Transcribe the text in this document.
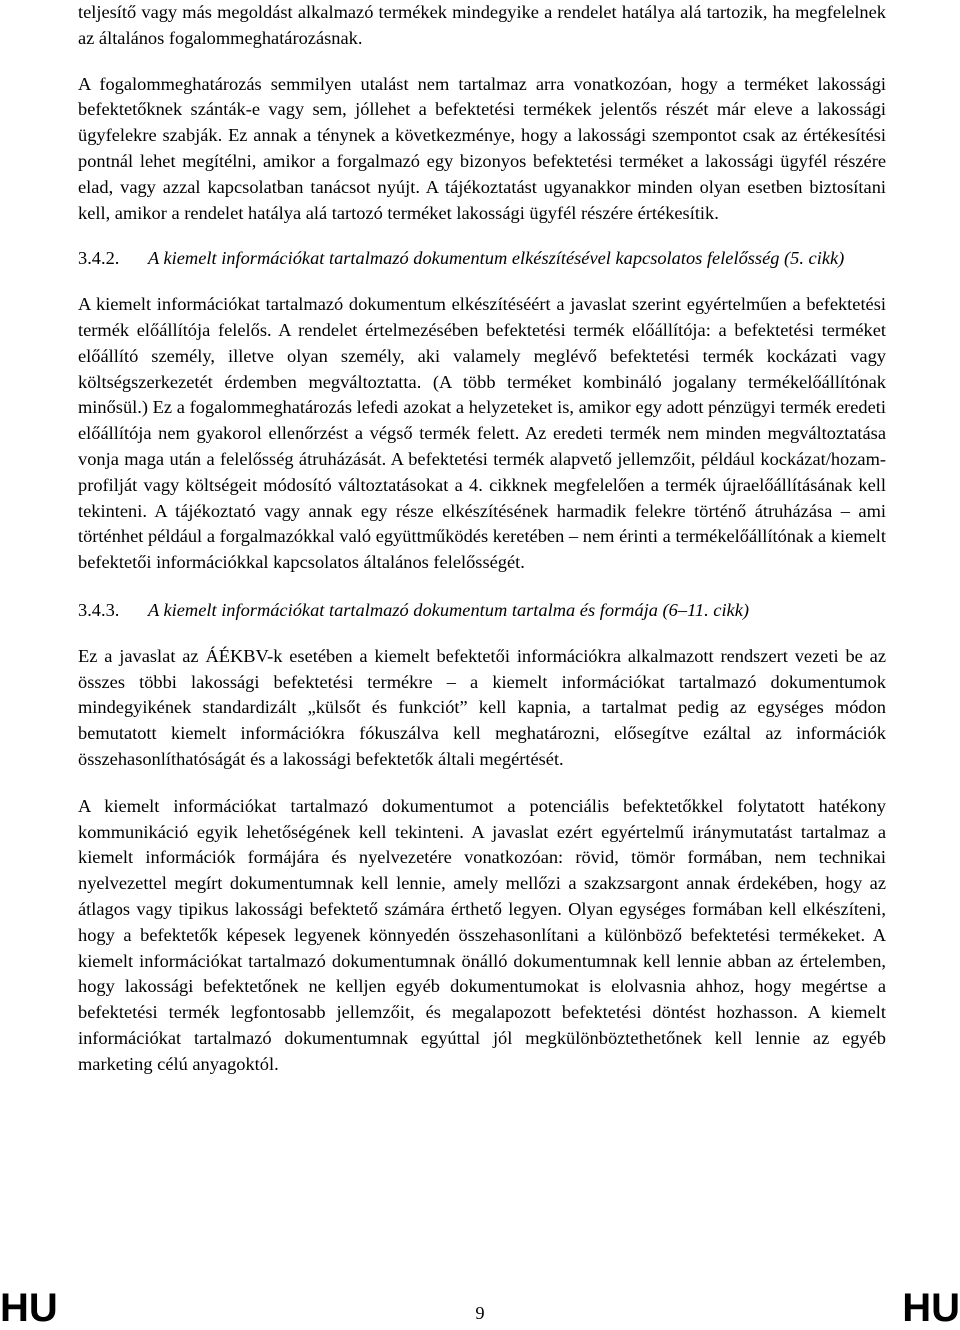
teljesítő vagy más megoldást alkalmazó termékek mindegyike a rendelet hatálya alá tartozik, ha megfelelnek az általános fogalommeghatározásnak.

A fogalommeghatározás semmilyen utalást nem tartalmaz arra vonatkozóan, hogy a terméket lakossági befektetőknek szánták-e vagy sem, jóllehet a befektetési termékek jelentős részét már eleve a lakossági ügyfelekre szabják. Ez annak a ténynek a következménye, hogy a lakossági szempontot csak az értékesítési pontnál lehet megítélni, amikor a forgalmazó egy bizonyos befektetési terméket a lakossági ügyfél részére elad, vagy azzal kapcsolatban tanácsot nyújt. A tájékoztatást ugyanakkor minden olyan esetben biztosítani kell, amikor a rendelet hatálya alá tartozó terméket lakossági ügyfél részére értékesítik.

3.4.2.	A kiemelt információkat tartalmazó dokumentum elkészítésével kapcsolatos felelősség (5. cikk)

A kiemelt információkat tartalmazó dokumentum elkészítéséért a javaslat szerint egyértelműen a befektetési termék előállítója felelős. A rendelet értelmezésében befektetési termék előállítója: a befektetési terméket előállító személy, illetve olyan személy, aki valamely meglévő befektetési termék kockázati vagy költségszerkezetét érdemben megváltoztatta. (A több terméket kombináló jogalany termékelőállítónak minősül.) Ez a fogalommeghatározás lefedi azokat a helyzeteket is, amikor egy adott pénzügyi termék eredeti előállítója nem gyakorol ellenőrzést a végső termék felett. Az eredeti termék nem minden megváltoztatása vonja maga után a felelősség átruházását. A befektetési termék alapvető jellemzőit, például kockázat/hozam-profilját vagy költségeit módosító változtatásokat a 4. cikknek megfelelően a termék újraelőállításának kell tekinteni. A tájékoztató vagy annak egy része elkészítésének harmadik felekre történő átruházása – ami történhet például a forgalmazókkal való együttműködés keretében – nem érinti a termékelőállítónak a kiemelt befektetői információkkal kapcsolatos általános felelősségét.

3.4.3.	A kiemelt információkat tartalmazó dokumentum tartalma és formája (6–11. cikk)

Ez a javaslat az ÁÉKBV-k esetében a kiemelt befektetői információkra alkalmazott rendszert vezeti be az összes többi lakossági befektetési termékre – a kiemelt információkat tartalmazó dokumentumok mindegyikének standardizált „külsőt és funkciót” kell kapnia, a tartalmat pedig az egységes módon bemutatott kiemelt információkra fókuszálva kell meghatározni, elősegítve ezáltal az információk összehasonlíthatóságát és a lakossági befektetők általi megértését.

A kiemelt információkat tartalmazó dokumentumot a potenciális befektetőkkel folytatott hatékony kommunikáció egyik lehetőségének kell tekinteni. A javaslat ezért egyértelmű iránymutatást tartalmaz a kiemelt információk formájára és nyelvezetére vonatkozóan: rövid, tömör formában, nem technikai nyelvezettel megírt dokumentumnak kell lennie, amely mellőzi a szakzsargont annak érdekében, hogy az átlagos vagy tipikus lakossági befektető számára érthető legyen. Olyan egységes formában kell elkészíteni, hogy a befektetők képesek legyenek könnyedén összehasonlítani a különböző befektetési termékeket. A kiemelt információkat tartalmazó dokumentumnak önálló dokumentumnak kell lennie abban az értelemben, hogy lakossági befektetőnek ne kelljen egyéb dokumentumokat is elolvasnia ahhoz, hogy megértse a befektetési termék legfontosabb jellemzőit, és megalapozott befektetési döntést hozhasson. A kiemelt információkat tartalmazó dokumentumnak egyúttal jól megkülönböztethetőnek kell lennie az egyéb marketing célú anyagoktól.

HU	9	HU
